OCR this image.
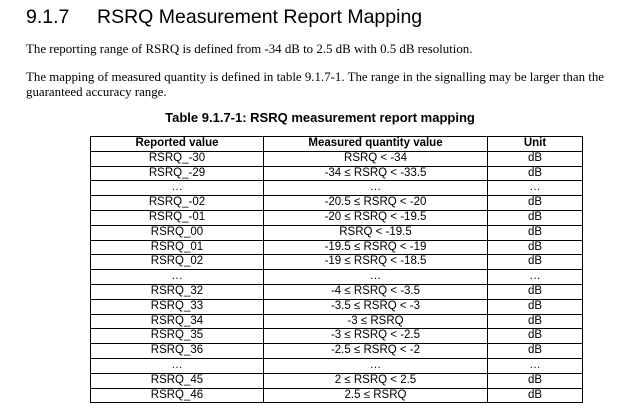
9.1.7 RSRQ Measurement Report Mapping
The reporting range of RSRQ is defined from -34 dB to 2.5 dB with 0.5 dB resolution.
The mapping of measured quantity is defined in table 9.1.7-1. The range in the signalling may be larger than the guaranteed accuracy range.
Table 9.1.7-1: RSRQ measurement report mapping
Reported value	Measured quantity value	Unit
RSRQ_-30	RSRQ < -34	dB
RSRQ_-29	-34 ≤ RSRQ < -33.5	dB
…	…	…
RSRQ_-02	-20.5 ≤ RSRQ < -20	dB
RSRQ_-01	-20 ≤ RSRQ < -19.5	dB
RSRQ_00	RSRQ < -19.5	dB
RSRQ_01	-19.5 ≤ RSRQ < -19	dB
RSRQ_02	-19 ≤ RSRQ < -18.5	dB
…	…	…
RSRQ_32	-4 ≤ RSRQ < -3.5	dB
RSRQ_33	-3.5 ≤ RSRQ < -3	dB
RSRQ_34	-3 ≤ RSRQ	dB
RSRQ_35	-3 ≤ RSRQ < -2.5	dB
RSRQ_36	-2.5 ≤ RSRQ < -2	dB
…	…	…
RSRQ_45	2 ≤ RSRQ < 2.5	dB
RSRQ_46	2.5 ≤ RSRQ	dB
